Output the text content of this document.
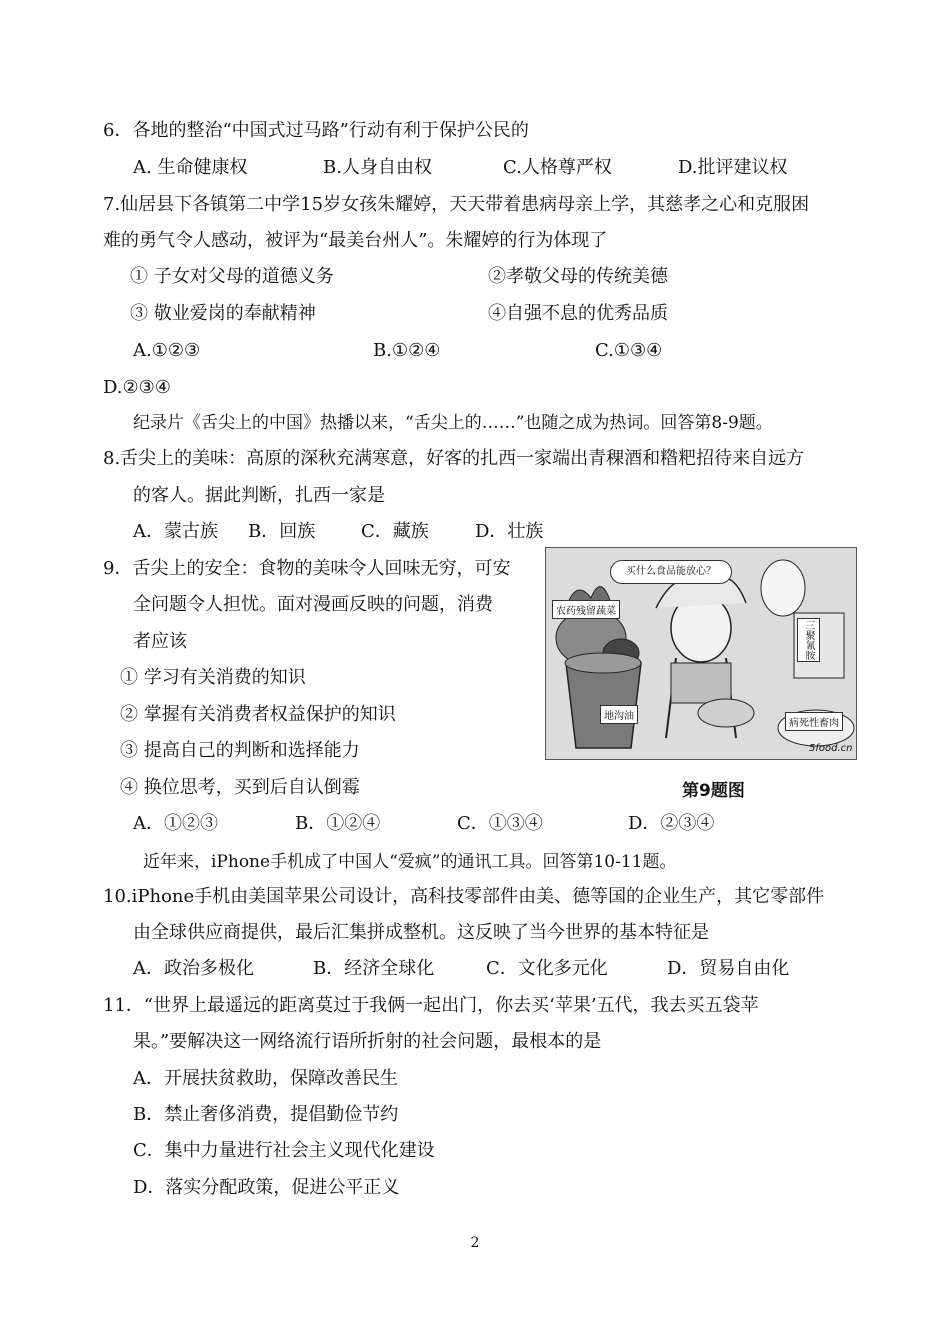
6．各地的整治“中国式过马路”行动有利于保护公民的
A. 生命健康权	B.人身自由权	C.人格尊严权	D.批评建议权
7.仙居县下各镇第二中学15岁女孩朱耀婷，天天带着患病母亲上学，其慈孝之心和克服困
难的勇气令人感动，被评为“最美台州人”。朱耀婷的行为体现了
① 子女对父母的道德义务	②孝敬父母的传统美德
③ 敬业爱岗的奉献精神	④自强不息的优秀品质
A.①②③	B.①②④	C.①③④
D.②③④
纪录片《舌尖上的中国》热播以来，“舌尖上的……”也随之成为热词。回答第8-9题。
8.舌尖上的美味：高原的深秋充满寒意，好客的扎西一家端出青稞酒和糌粑招待来自远方
的客人。据此判断，扎西一家是
A．蒙古族 B．回族	C．藏族	D．壮族
9．舌尖上的安全：食物的美味令人回味无穷，可安
全问题令人担忧。面对漫画反映的问题，消费
者应该
① 学习有关消费的知识
② 掌握有关消费者权益保护的知识
③ 提高自己的判断和选择能力
④ 换位思考，买到后自认倒霉
A．①②③	B．①②④	C．①③④	D．②③④
买什么食品能放心？
农药残留蔬菜
三聚氰胺
地沟油
病死性畜肉
5food.cn
第9题图
近年来，iPhone手机成了中国人“爱疯”的通讯工具。回答第10-11题。
10.iPhone手机由美国苹果公司设计，高科技零部件由美、德等国的企业生产，其它零部件
由全球供应商提供，最后汇集拼成整机。这反映了当今世界的基本特征是
A．政治多极化	B．经济全球化	C．文化多元化	D．贸易自由化
11．“世界上最遥远的距离莫过于我俩一起出门，你去买‘苹果’五代，我去买五袋苹
果。”要解决这一网络流行语所折射的社会问题，最根本的是
A．开展扶贫救助，保障改善民生
B．禁止奢侈消费，提倡勤俭节约
C．集中力量进行社会主义现代化建设
D．落实分配政策，促进公平正义
2
